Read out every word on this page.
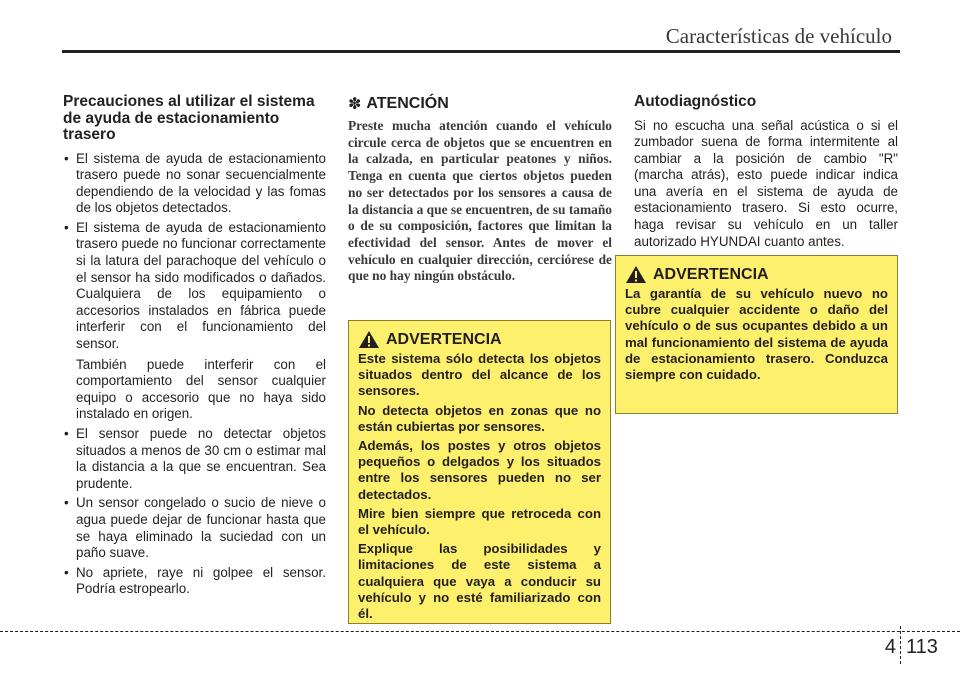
Características de vehículo
Precauciones al utilizar el sistema de ayuda de estacionamiento trasero
• El sistema de ayuda de estacionamiento trasero puede no sonar secuencialmente dependiendo de la velocidad y las fomas de los objetos detectados.

• El sistema de ayuda de estacionamiento trasero puede no funcionar correctamente si la latura del parachoque del vehículo o el sensor ha sido modificados o dañados. Cualquiera de los equipamiento o accesorios instalados en fábrica puede interferir con el funcionamiento del sensor.

También puede interferir con el comportamiento del sensor cualquier equipo o accesorio que no haya sido instalado en origen.

• El sensor puede no detectar objetos situados a menos de 30 cm o estimar mal la distancia a la que se encuentran. Sea prudente.

• Un sensor congelado o sucio de nieve o agua puede dejar de funcionar hasta que se haya eliminado la suciedad con un paño suave.

• No apriete, raye ni golpee el sensor. Podría estropearlo.

✽ ATENCIÓN

Preste mucha atención cuando el vehículo circule cerca de objetos que se encuentren en la calzada, en particular peatones y niños. Tenga en cuenta que ciertos objetos pueden no ser detectados por los sensores a causa de la distancia a que se encuentren, de su tamaño o de su composición, factores que limitan la efectividad del sensor. Antes de mover el vehículo en cualquier dirección, cerciórese de que no hay ningún obstáculo.

ADVERTENCIA

Este sistema sólo detecta los objetos situados dentro del alcance de los sensores.

No detecta objetos en zonas que no están cubiertas por sensores.

Además, los postes y otros objetos pequeños o delgados y los situados entre los sensores pueden no ser detectados.

Mire bien siempre que retroceda con el vehículo.

Explique las posibilidades y limitaciones de este sistema a cualquiera que vaya a conducir su vehículo y no esté familiarizado con él.

Autodiagnóstico

Si no escucha una señal acústica o si el zumbador suena de forma intermitente al cambiar a la posición de cambio "R" (marcha atrás), esto puede indicar indica una avería en el sistema de ayuda de estacionamiento trasero. Si esto ocurre, haga revisar su vehículo en un taller autorizado HYUNDAI cuanto antes.

ADVERTENCIA

La garantía de su vehículo nuevo no cubre cualquier accidente o daño del vehículo o de sus ocupantes debido a un mal funcionamiento del sistema de ayuda de estacionamiento trasero. Conduzca siempre con cuidado.

4 113
